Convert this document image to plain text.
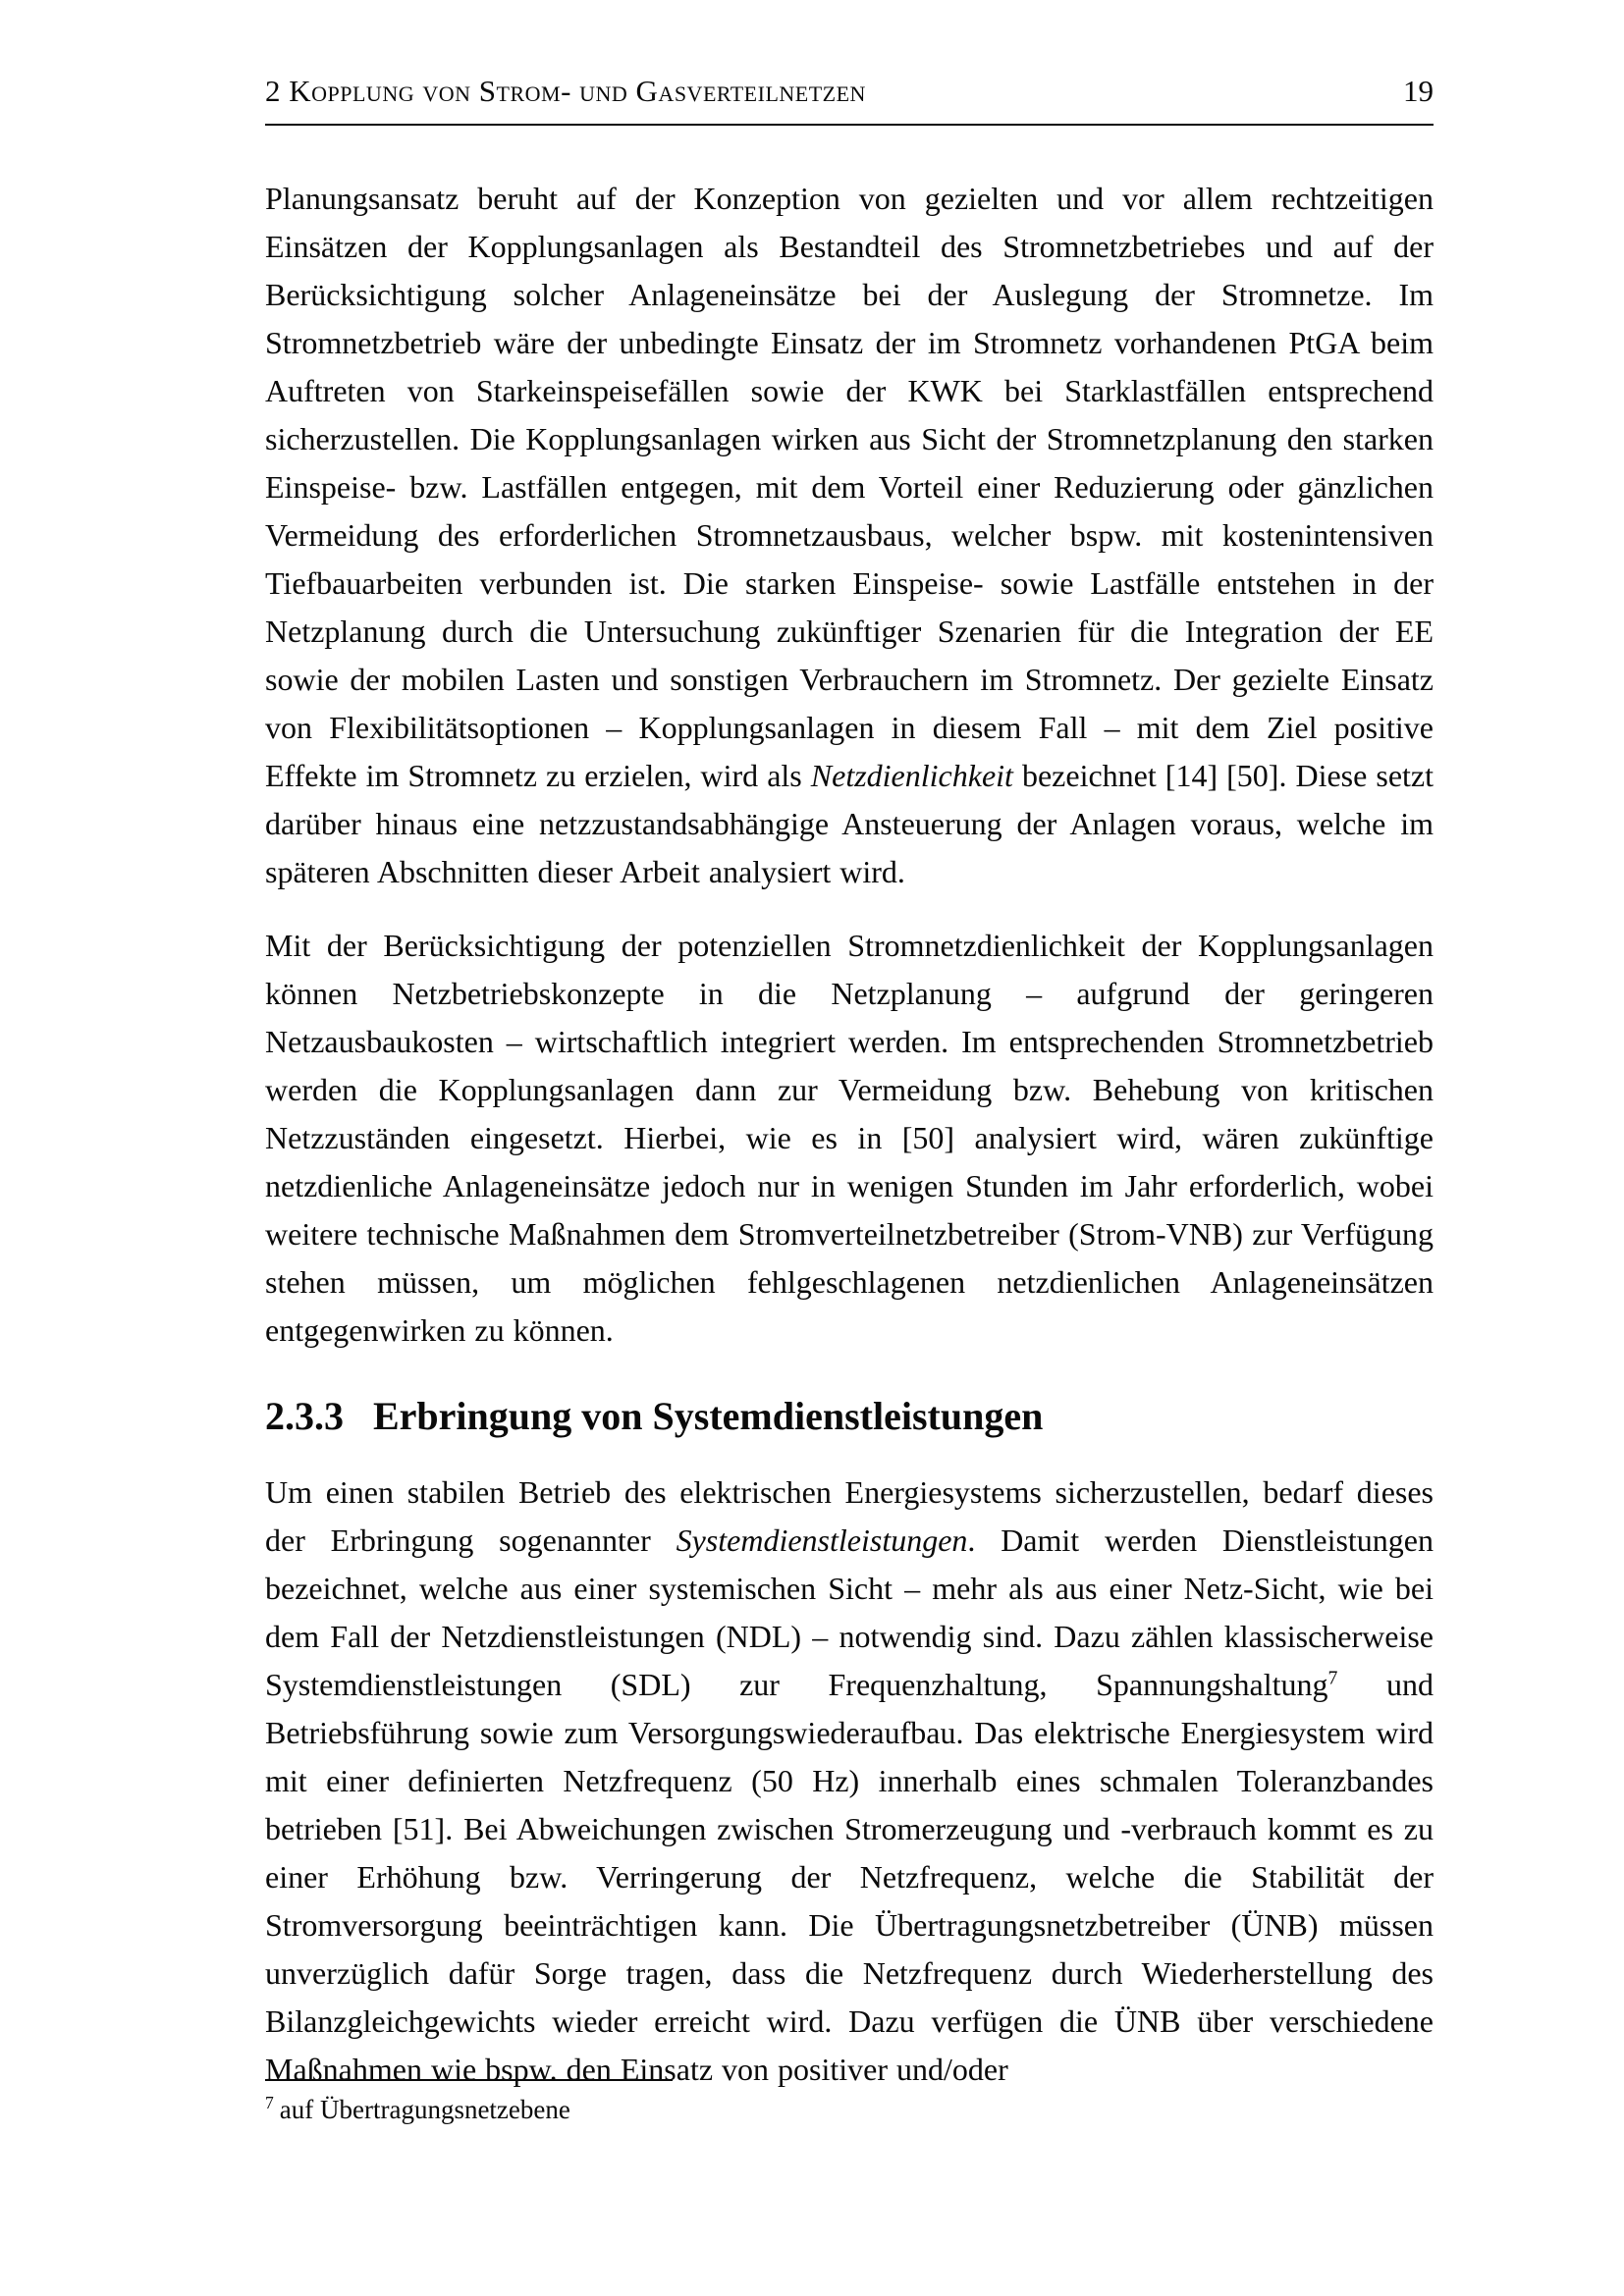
2 Kopplung von Strom- und Gasverteilnetzen	19

Planungsansatz beruht auf der Konzeption von gezielten und vor allem rechtzeitigen Einsätzen der Kopplungsanlagen als Bestandteil des Stromnetzbetriebes und auf der Berücksichtigung solcher Anlageneinsätze bei der Auslegung der Stromnetze. Im Stromnetzbetrieb wäre der unbedingte Einsatz der im Stromnetz vorhandenen PtGA beim Auftreten von Starkeinspeisefällen sowie der KWK bei Starklastfällen entsprechend sicherzustellen. Die Kopplungsanlagen wirken aus Sicht der Stromnetzplanung den starken Einspeise- bzw. Lastfällen entgegen, mit dem Vorteil einer Reduzierung oder gänzlichen Vermeidung des erforderlichen Stromnetzausbaus, welcher bspw. mit kostenintensiven Tiefbauarbeiten verbunden ist. Die starken Einspeise- sowie Lastfälle entstehen in der Netzplanung durch die Untersuchung zukünftiger Szenarien für die Integration der EE sowie der mobilen Lasten und sonstigen Verbrauchern im Stromnetz. Der gezielte Einsatz von Flexibilitätsoptionen – Kopplungsanlagen in diesem Fall – mit dem Ziel positive Effekte im Stromnetz zu erzielen, wird als Netzdienlichkeit bezeichnet [14] [50]. Diese setzt darüber hinaus eine netzzustandsabhängige Ansteuerung der Anlagen voraus, welche im späteren Abschnitten dieser Arbeit analysiert wird.

Mit der Berücksichtigung der potenziellen Stromnetzdienlichkeit der Kopplungsanlagen können Netzbetriebskonzepte in die Netzplanung – aufgrund der geringeren Netzausbaukosten – wirtschaftlich integriert werden. Im entsprechenden Stromnetzbetrieb werden die Kopplungsanlagen dann zur Vermeidung bzw. Behebung von kritischen Netzzuständen eingesetzt. Hierbei, wie es in [50] analysiert wird, wären zukünftige netzdienliche Anlageneinsätze jedoch nur in wenigen Stunden im Jahr erforderlich, wobei weitere technische Maßnahmen dem Stromverteilnetzbetreiber (Strom-VNB) zur Verfügung stehen müssen, um möglichen fehlgeschlagenen netzdienlichen Anlageneinsätzen entgegenwirken zu können.

2.3.3 Erbringung von Systemdienstleistungen

Um einen stabilen Betrieb des elektrischen Energiesystems sicherzustellen, bedarf dieses der Erbringung sogenannter Systemdienstleistungen. Damit werden Dienstleistungen bezeichnet, welche aus einer systemischen Sicht – mehr als aus einer Netz-Sicht, wie bei dem Fall der Netzdienstleistungen (NDL) – notwendig sind. Dazu zählen klassischerweise Systemdienstleistungen (SDL) zur Frequenzhaltung, Spannungshaltung$^7$ und Betriebsführung sowie zum Versorgungswiederaufbau. Das elektrische Energiesystem wird mit einer definierten Netzfrequenz (50 Hz) innerhalb eines schmalen Toleranzbandes betrieben [51]. Bei Abweichungen zwischen Stromerzeugung und -verbrauch kommt es zu einer Erhöhung bzw. Verringerung der Netzfrequenz, welche die Stabilität der Stromversorgung beeinträchtigen kann. Die Übertragungsnetzbetreiber (ÜNB) müssen unverzüglich dafür Sorge tragen, dass die Netzfrequenz durch Wiederherstellung des Bilanzgleichgewichts wieder erreicht wird. Dazu verfügen die ÜNB über verschiedene Maßnahmen wie bspw. den Einsatz von positiver und/oder

$^7$ auf Übertragungsnetzebene
